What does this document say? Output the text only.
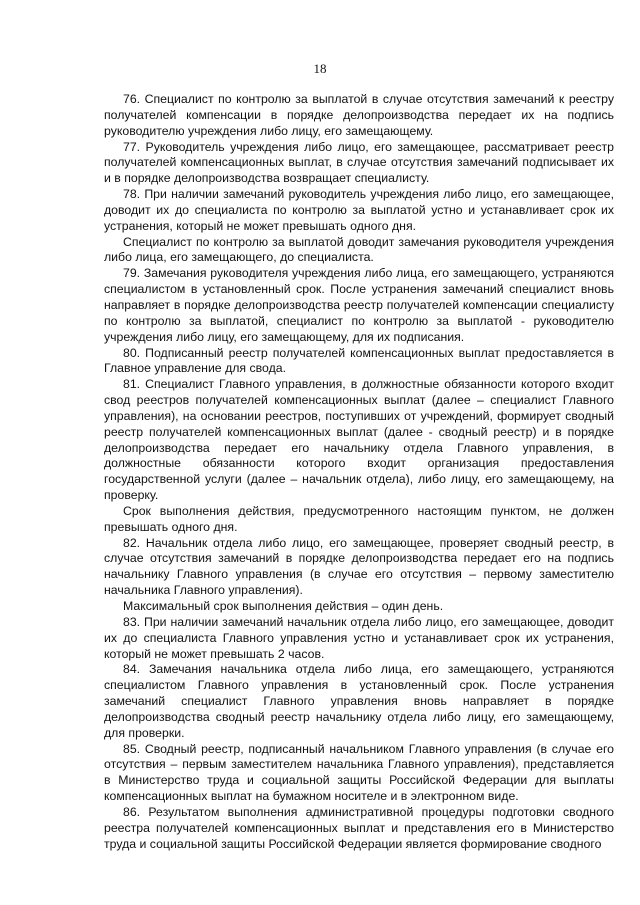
18

76. Специалист по контролю за выплатой в случае отсутствия замечаний к реестру получателей компенсации в порядке делопроизводства передает их на подпись руководителю учреждения либо лицу, его замещающему.

77. Руководитель учреждения либо лицо, его замещающее, рассматривает реестр получателей компенсационных выплат, в случае отсутствия замечаний подписывает их и в порядке делопроизводства возвращает специалисту.

78. При наличии замечаний руководитель учреждения либо лицо, его замещающее, доводит их до специалиста по контролю за выплатой устно и устанавливает срок их устранения, который не может превышать одного дня.

Специалист по контролю за выплатой доводит замечания руководителя учреждения либо лица, его замещающего, до специалиста.

79. Замечания руководителя учреждения либо лица, его замещающего, устраняются специалистом в установленный срок. После устранения замечаний специалист вновь направляет в порядке делопроизводства реестр получателей компенсации специалисту по контролю за выплатой, специалист по контролю за выплатой - руководителю учреждения либо лицу, его замещающему, для их подписания.

80. Подписанный реестр получателей компенсационных выплат предоставляется в Главное управление для свода.

81. Специалист Главного управления, в должностные обязанности которого входит свод реестров получателей компенсационных выплат (далее – специалист Главного управления), на основании реестров, поступивших от учреждений, формирует сводный реестр получателей компенсационных выплат (далее - сводный реестр) и в порядке делопроизводства передает его начальнику отдела Главного управления, в должностные обязанности которого входит организация предоставления государственной услуги (далее – начальник отдела), либо лицу, его замещающему, на проверку.

Срок выполнения действия, предусмотренного настоящим пунктом, не должен превышать одного дня.

82. Начальник отдела либо лицо, его замещающее, проверяет сводный реестр, в случае отсутствия замечаний в порядке делопроизводства передает его на подпись начальнику Главного управления (в случае его отсутствия – первому заместителю начальника Главного управления).

Максимальный срок выполнения действия – один день.

83. При наличии замечаний начальник отдела либо лицо, его замещающее, доводит их до специалиста Главного управления устно и устанавливает срок их устранения, который не может превышать 2 часов.

84. Замечания начальника отдела либо лица, его замещающего, устраняются специалистом Главного управления в установленный срок. После устранения замечаний специалист Главного управления вновь направляет в порядке делопроизводства сводный реестр начальнику отдела либо лицу, его замещающему, для проверки.

85. Сводный реестр, подписанный начальником Главного управления (в случае его отсутствия – первым заместителем начальника Главного управления), представляется в Министерство труда и социальной защиты Российской Федерации для выплаты компенсационных выплат на бумажном носителе и в электронном виде.

86. Результатом выполнения административной процедуры подготовки сводного реестра получателей компенсационных выплат и представления его в Министерство труда и социальной защиты Российской Федерации является формирование сводного
